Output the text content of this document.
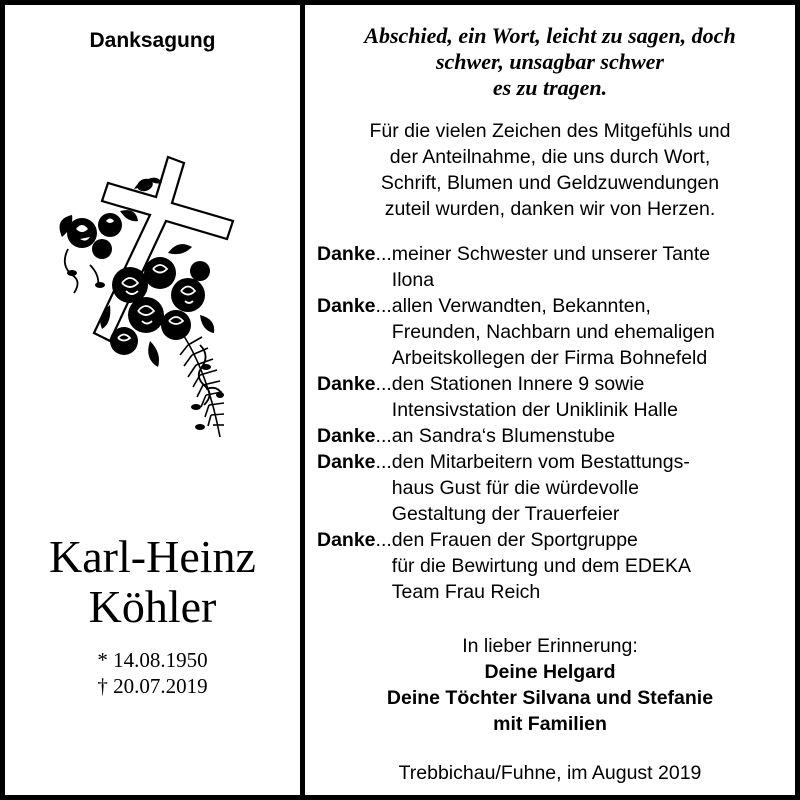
Danksagung
Karl-Heinz
Köhler
* 14.08.1950
† 20.07.2019
Abschied, ein Wort, leicht zu sagen, doch
schwer, unsagbar schwer
es zu tragen.
Für die vielen Zeichen des Mitgefühls und
der Anteilnahme, die uns durch Wort,
Schrift, Blumen und Geldzuwendungen
zuteil wurden, danken wir von Herzen.
Danke... meiner Schwester und unserer Tante
Ilona
Danke... allen Verwandten, Bekannten,
Freunden, Nachbarn und ehemaligen
Arbeitskollegen der Firma Bohnefeld
Danke... den Stationen Innere 9 sowie
Intensivstation der Uniklinik Halle
Danke... an Sandra‘s Blumenstube
Danke... den Mitarbeitern vom Bestattungs-
haus Gust für die würdevolle
Gestaltung der Trauerfeier
Danke... den Frauen der Sportgruppe
für die Bewirtung und dem EDEKA
Team Frau Reich
In lieber Erinnerung:
Deine Helgard
Deine Töchter Silvana und Stefanie
mit Familien
Trebbichau/Fuhne, im August 2019
